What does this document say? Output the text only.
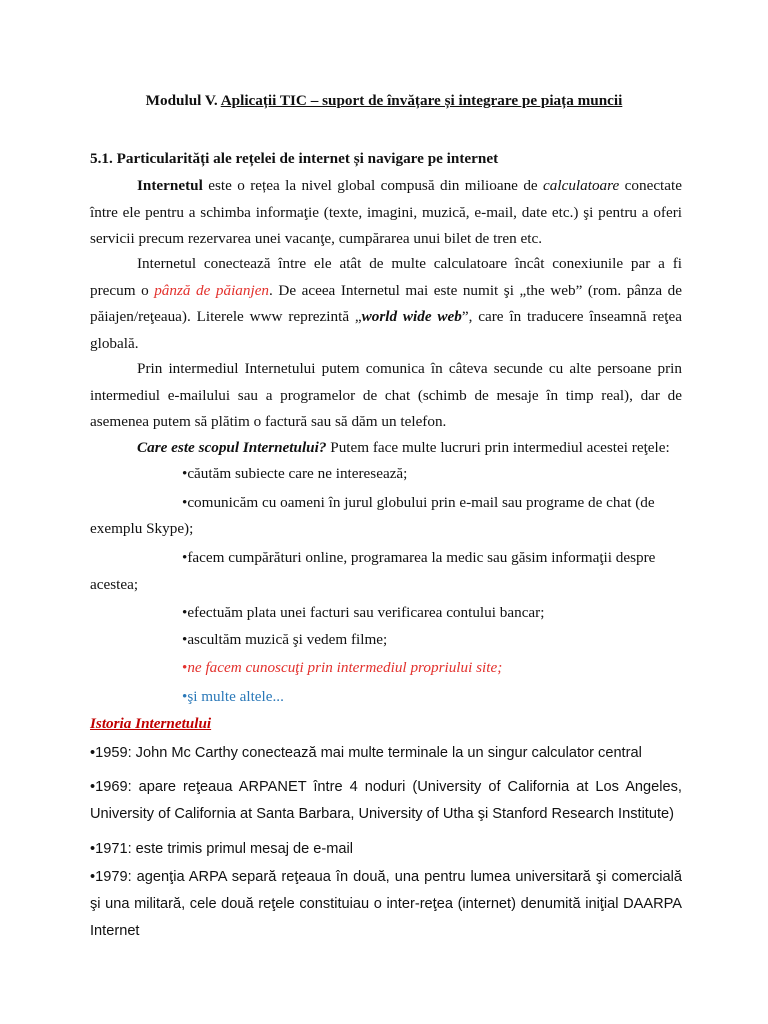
Modulul V. Aplicații TIC – suport de învățare și integrare pe piața muncii
5.1. Particularități ale rețelei de internet și navigare pe internet

Internetul este o rețea la nivel global compusă din milioane de calculatoare conectate între ele pentru a schimba informaţie (texte, imagini, muzică, e-mail, date etc.) şi pentru a oferi servicii precum rezervarea unei vacanţe, cumpărarea unui bilet de tren etc.

Internetul conectează între ele atât de multe calculatoare încât conexiunile par a fi precum o pânză de păianjen. De aceea Internetul mai este numit şi „the web” (rom. pânza de păiajen/reţeaua). Literele www reprezintă „world wide web”, care în traducere înseamnă reţea globală.

Prin intermediul Internetului putem comunica în câteva secunde cu alte persoane prin intermediul e-mailului sau a programelor de chat (schimb de mesaje în timp real), dar de asemenea putem să plătim o factură sau să dăm un telefon.

Care este scopul Internetului? Putem face multe lucruri prin intermediul acestei reţele:

•căutăm subiecte care ne interesează;
•comunicăm cu oameni în jurul globului prin e-mail sau programe de chat (de
exemplu Skype);
•facem cumpărături online, programarea la medic sau găsim informaţii despre
acestea;
•efectuăm plata unei facturi sau verificarea contului bancar;
•ascultăm muzică şi vedem filme;
•ne facem cunoscuţi prin intermediul propriului site;
•şi multe altele...
Istoria Internetului

•1959: John Mc Carthy conectează mai multe terminale la un singur calculator central

•1969: apare reţeaua ARPANET între 4 noduri (University of California at Los Angeles, University of California at Santa Barbara, University of Utha şi Stanford Research Institute)

•1971: este trimis primul mesaj de e-mail

•1979: agenţia ARPA separă reţeaua în două, una pentru lumea universitară şi comercială şi una militară, cele două reţele constituiau o inter-reţea (internet) denumită iniţial DAARPA Internet
